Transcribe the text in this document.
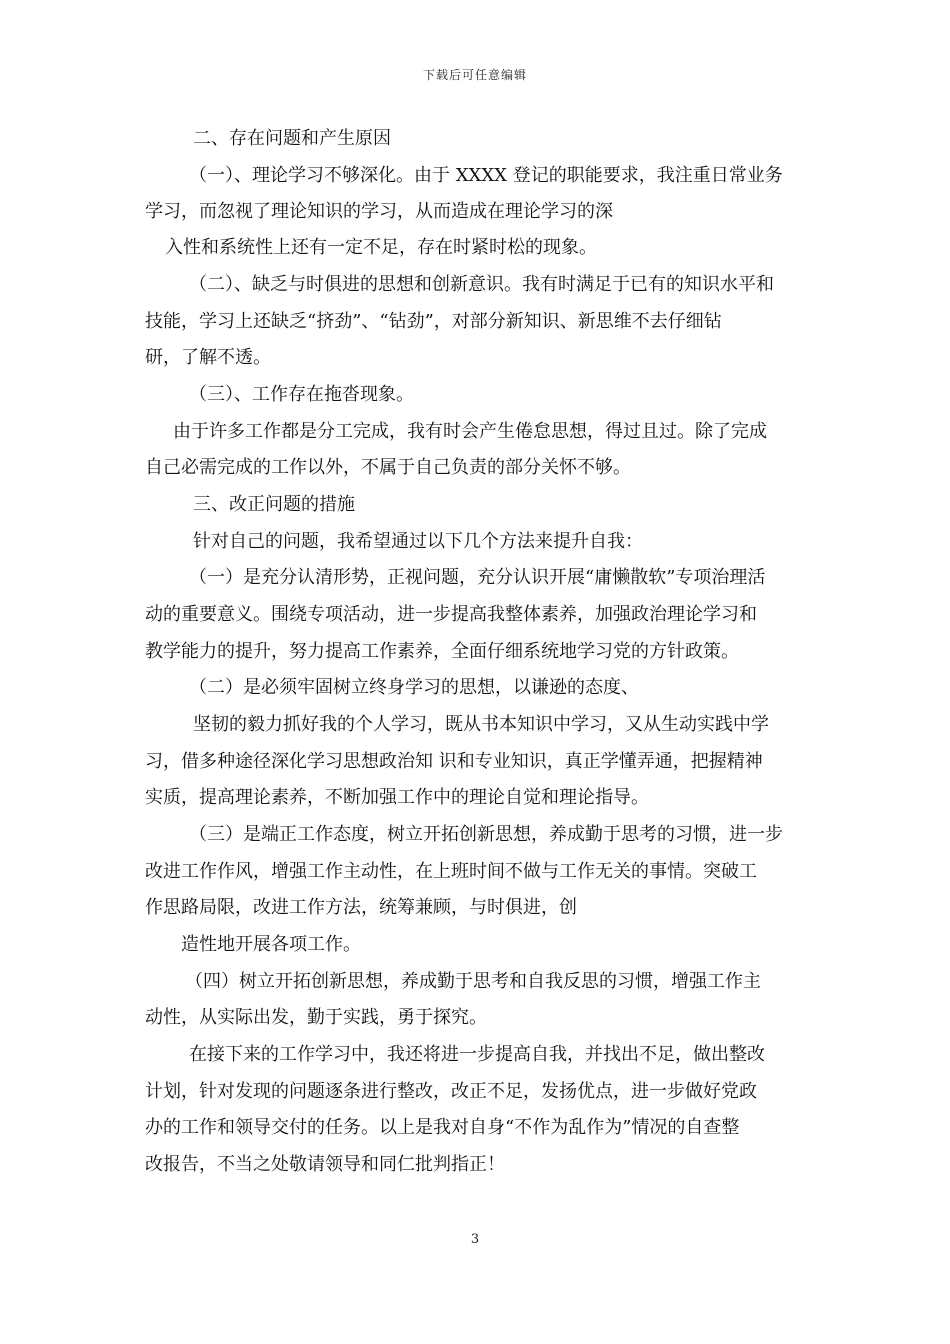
下载后可任意编辑
二、存在问题和产生原因
（一）、理论学习不够深化。由于 XXXX 登记的职能要求，我注重日常业务
学习，而忽视了理论知识的学习，从而造成在理论学习的深
入性和系统性上还有一定不足，存在时紧时松的现象。
（二）、缺乏与时俱进的思想和创新意识。我有时满足于已有的知识水平和
技能，学习上还缺乏“挤劲”、“钻劲”，对部分新知识、新思维不去仔细钻
研，了解不透。
（三）、工作存在拖沓现象。
由于许多工作都是分工完成，我有时会产生倦怠思想，得过且过。除了完成
自己必需完成的工作以外，不属于自己负责的部分关怀不够。
三、改正问题的措施
针对自己的问题，我希望通过以下几个方法来提升自我：
（一）是充分认清形势，正视问题，充分认识开展“庸懒散软”专项治理活
动的重要意义。围绕专项活动，进一步提高我整体素养，加强政治理论学习和
教学能力的提升，努力提高工作素养，全面仔细系统地学习党的方针政策。
（二）是必须牢固树立终身学习的思想，以谦逊的态度、
坚韧的毅力抓好我的个人学习，既从书本知识中学习，又从生动实践中学
习，借多种途径深化学习思想政治知 识和专业知识，真正学懂弄通，把握精神
实质，提高理论素养，不断加强工作中的理论自觉和理论指导。
（三）是端正工作态度，树立开拓创新思想，养成勤于思考的习惯，进一步
改进工作作风，增强工作主动性，在上班时间不做与工作无关的事情。突破工
作思路局限，改进工作方法，统筹兼顾，与时俱进，创
造性地开展各项工作。
（四）树立开拓创新思想，养成勤于思考和自我反思的习惯，增强工作主
动性，从实际出发，勤于实践，勇于探究。
在接下来的工作学习中，我还将进一步提高自我，并找出不足，做出整改
计划，针对发现的问题逐条进行整改，改正不足，发扬优点，进一步做好党政
办的工作和领导交付的任务。以上是我对自身“不作为乱作为”情况的自查整
改报告，不当之处敬请领导和同仁批判指正！
3
